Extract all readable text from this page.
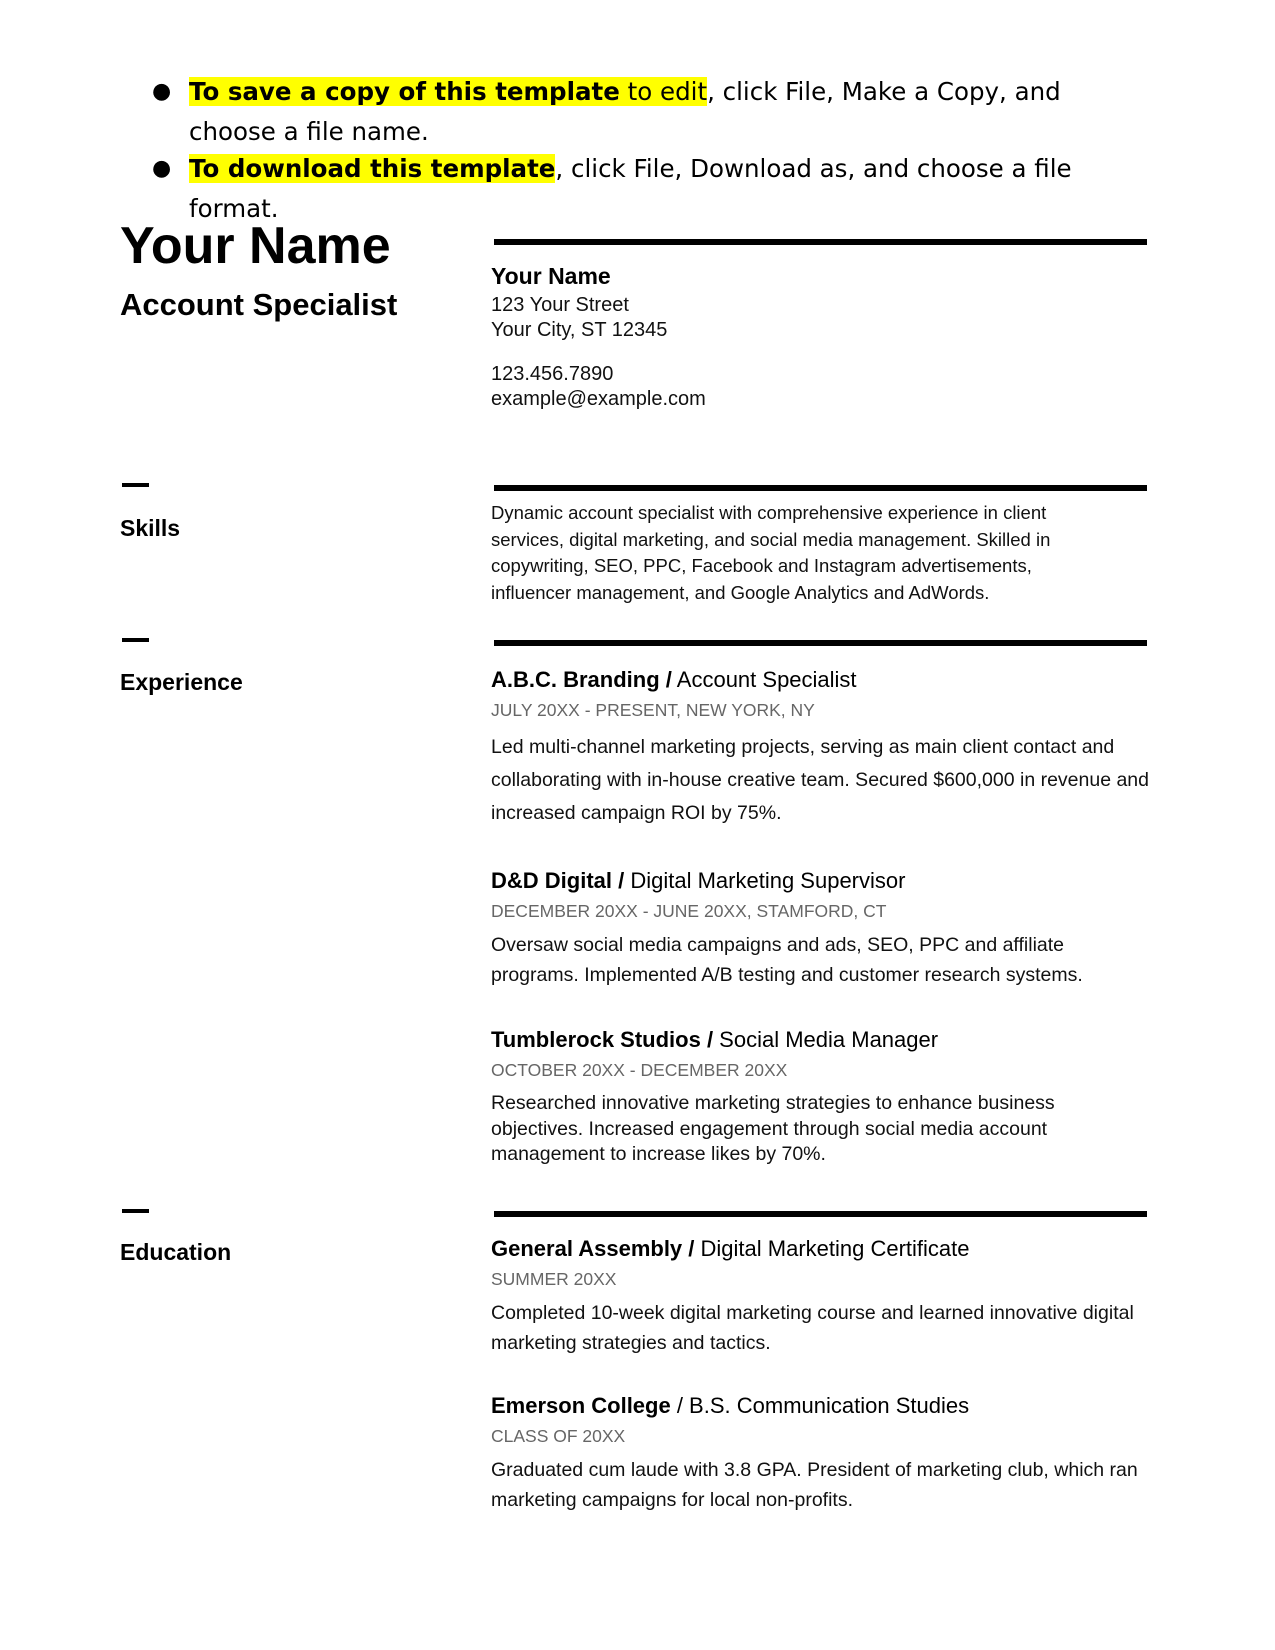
● To save a copy of this template to edit, click File, Make a Copy, and choose a file name.
● To download this template, click File, Download as, and choose a file format.
Your Name
Account Specialist
Your Name
123 Your Street
Your City, ST 12345
123.456.7890
example@example.com
Skills
Dynamic account specialist with comprehensive experience in client services, digital marketing, and social media management. Skilled in copywriting, SEO, PPC, Facebook and Instagram advertisements, influencer management, and Google Analytics and AdWords.
Experience	A.B.C. Branding / Account Specialist
JULY 20XX - PRESENT, NEW YORK, NY
Led multi-channel marketing projects, serving as main client contact and collaborating with in-house creative team. Secured $600,000 in revenue and increased campaign ROI by 75%.
D&D Digital / Digital Marketing Supervisor
DECEMBER 20XX - JUNE 20XX, STAMFORD, CT
Oversaw social media campaigns and ads, SEO, PPC and affiliate programs. Implemented A/B testing and customer research systems.
Tumblerock Studios / Social Media Manager
OCTOBER 20XX - DECEMBER 20XX
Researched innovative marketing strategies to enhance business objectives. Increased engagement through social media account management to increase likes by 70%.
Education	General Assembly / Digital Marketing Certificate
SUMMER 20XX
Completed 10-week digital marketing course and learned innovative digital marketing strategies and tactics.
Emerson College / B.S. Communication Studies
CLASS OF 20XX
Graduated cum laude with 3.8 GPA. President of marketing club, which ran marketing campaigns for local non-profits.
